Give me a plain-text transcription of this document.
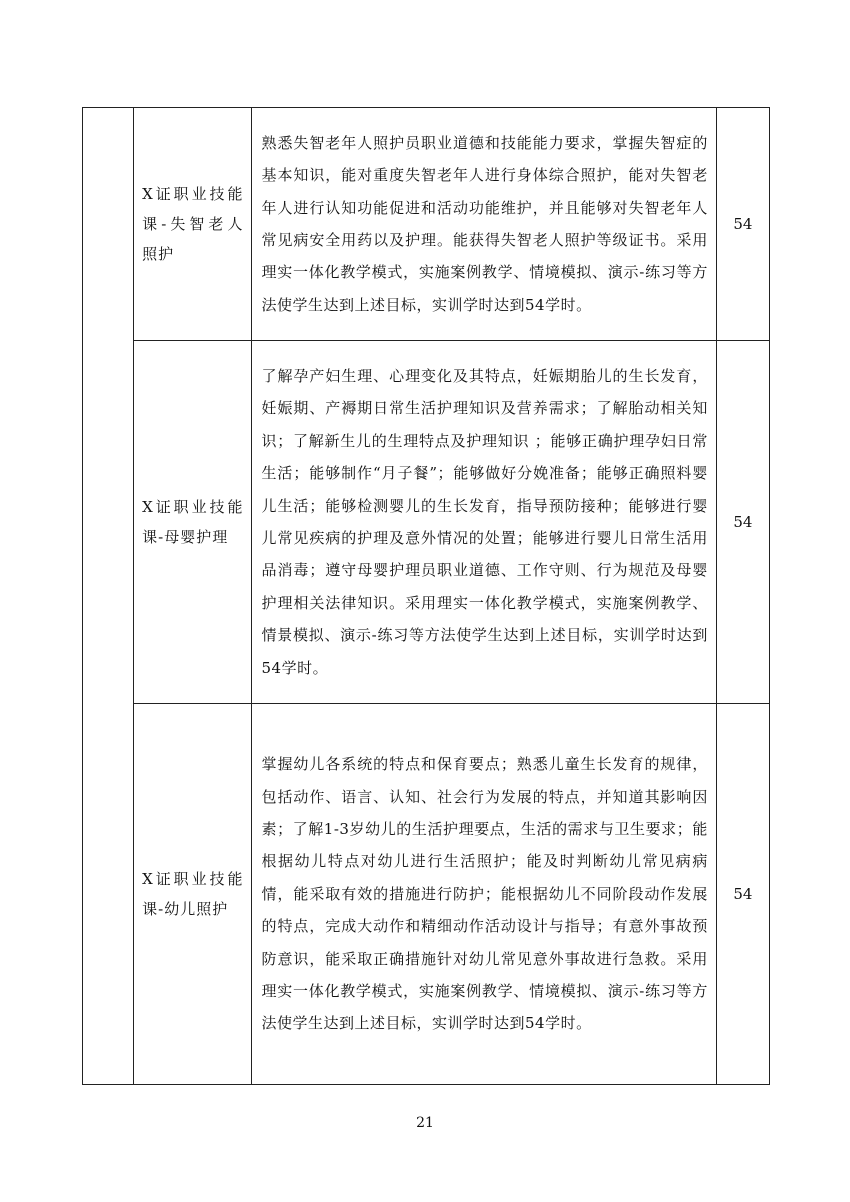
	X证职业技能课-失智老人照护	熟悉失智老年人照护员职业道德和技能能力要求，掌握失智症的基本知识，能对重度失智老年人进行身体综合照护，能对失智老年人进行认知功能促进和活动功能维护，并且能够对失智老年人常见病安全用药以及护理。能获得失智老人照护等级证书。采用理实一体化教学模式，实施案例教学、情境模拟、演示-练习等方法使学生达到上述目标，实训学时达到54学时。	54
	X证职业技能课-母婴护理	了解孕产妇生理、心理变化及其特点，妊娠期胎儿的生长发育，妊娠期、产褥期日常生活护理知识及营养需求；了解胎动相关知识；了解新生儿的生理特点及护理知识 ；能够正确护理孕妇日常生活；能够制作“月子餐”；能够做好分娩准备；能够正确照料婴儿生活；能够检测婴儿的生长发育，指导预防接种；能够进行婴儿常见疾病的护理及意外情况的处置；能够进行婴儿日常生活用品消毒；遵守母婴护理员职业道德、工作守则、行为规范及母婴护理相关法律知识。采用理实一体化教学模式，实施案例教学、情景模拟、演示-练习等方法使学生达到上述目标，实训学时达到54学时。	54
	X证职业技能课-幼儿照护	掌握幼儿各系统的特点和保育要点；熟悉儿童生长发育的规律，包括动作、语言、认知、社会行为发展的特点，并知道其影响因素；了解1-3岁幼儿的生活护理要点，生活的需求与卫生要求；能根据幼儿特点对幼儿进行生活照护；能及时判断幼儿常见病病情，能采取有效的措施进行防护；能根据幼儿不同阶段动作发展的特点，完成大动作和精细动作活动设计与指导；有意外事故预防意识，能采取正确措施针对幼儿常见意外事故进行急救。采用理实一体化教学模式，实施案例教学、情境模拟、演示-练习等方法使学生达到上述目标，实训学时达到54学时。	54
21
